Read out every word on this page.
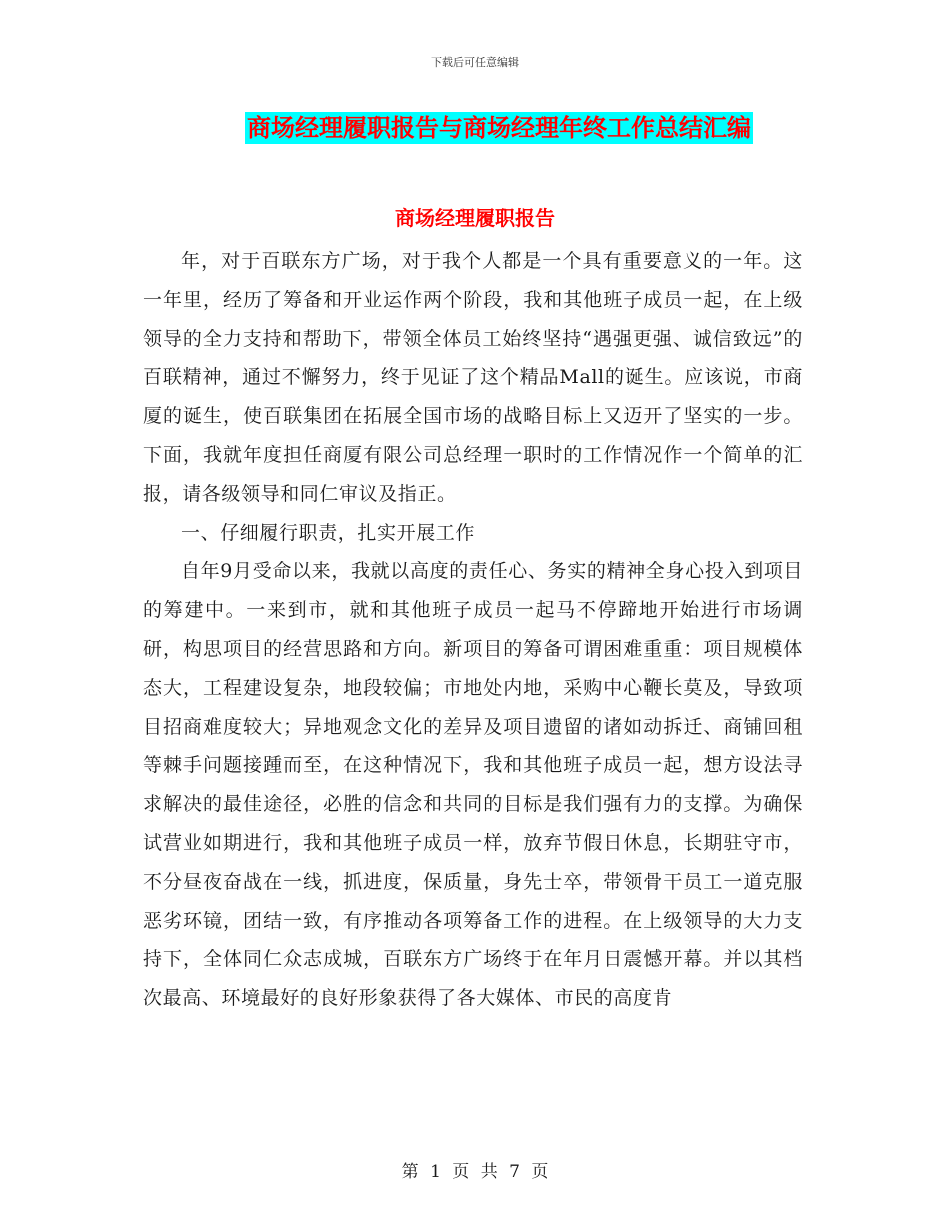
下载后可任意编辑
商场经理履职报告与商场经理年终工作总结汇编
商场经理履职报告

年，对于百联东方广场，对于我个人都是一个具有重要意义的一年。这一年里，经历了筹备和开业运作两个阶段，我和其他班子成员一起，在上级领导的全力支持和帮助下，带领全体员工始终坚持“遇强更强、诚信致远”的百联精神，通过不懈努力，终于见证了这个精品Mall的诞生。应该说，市商厦的诞生，使百联集团在拓展全国市场的战略目标上又迈开了坚实的一步。下面，我就年度担任商厦有限公司总经理一职时的工作情况作一个简单的汇报，请各级领导和同仁审议及指正。

一、仔细履行职责，扎实开展工作

自年9月受命以来，我就以高度的责任心、务实的精神全身心投入到项目的筹建中。一来到市，就和其他班子成员一起马不停蹄地开始进行市场调研，构思项目的经营思路和方向。新项目的筹备可谓困难重重：项目规模体态大，工程建设复杂，地段较偏；市地处内地，采购中心鞭长莫及，导致项目招商难度较大；异地观念文化的差异及项目遗留的诸如动拆迁、商铺回租等棘手问题接踵而至，在这种情况下，我和其他班子成员一起，想方设法寻求解决的最佳途径，必胜的信念和共同的目标是我们强有力的支撑。为确保试营业如期进行，我和其他班子成员一样，放弃节假日休息，长期驻守市，不分昼夜奋战在一线，抓进度，保质量，身先士卒，带领骨干员工一道克服恶劣环镜，团结一致，有序推动各项筹备工作的进程。在上级领导的大力支持下，全体同仁众志成城，百联东方广场终于在年月日震憾开幕。并以其档次最高、环境最好的良好形象获得了各大媒体、市民的高度肯

第 1 页 共 7 页
